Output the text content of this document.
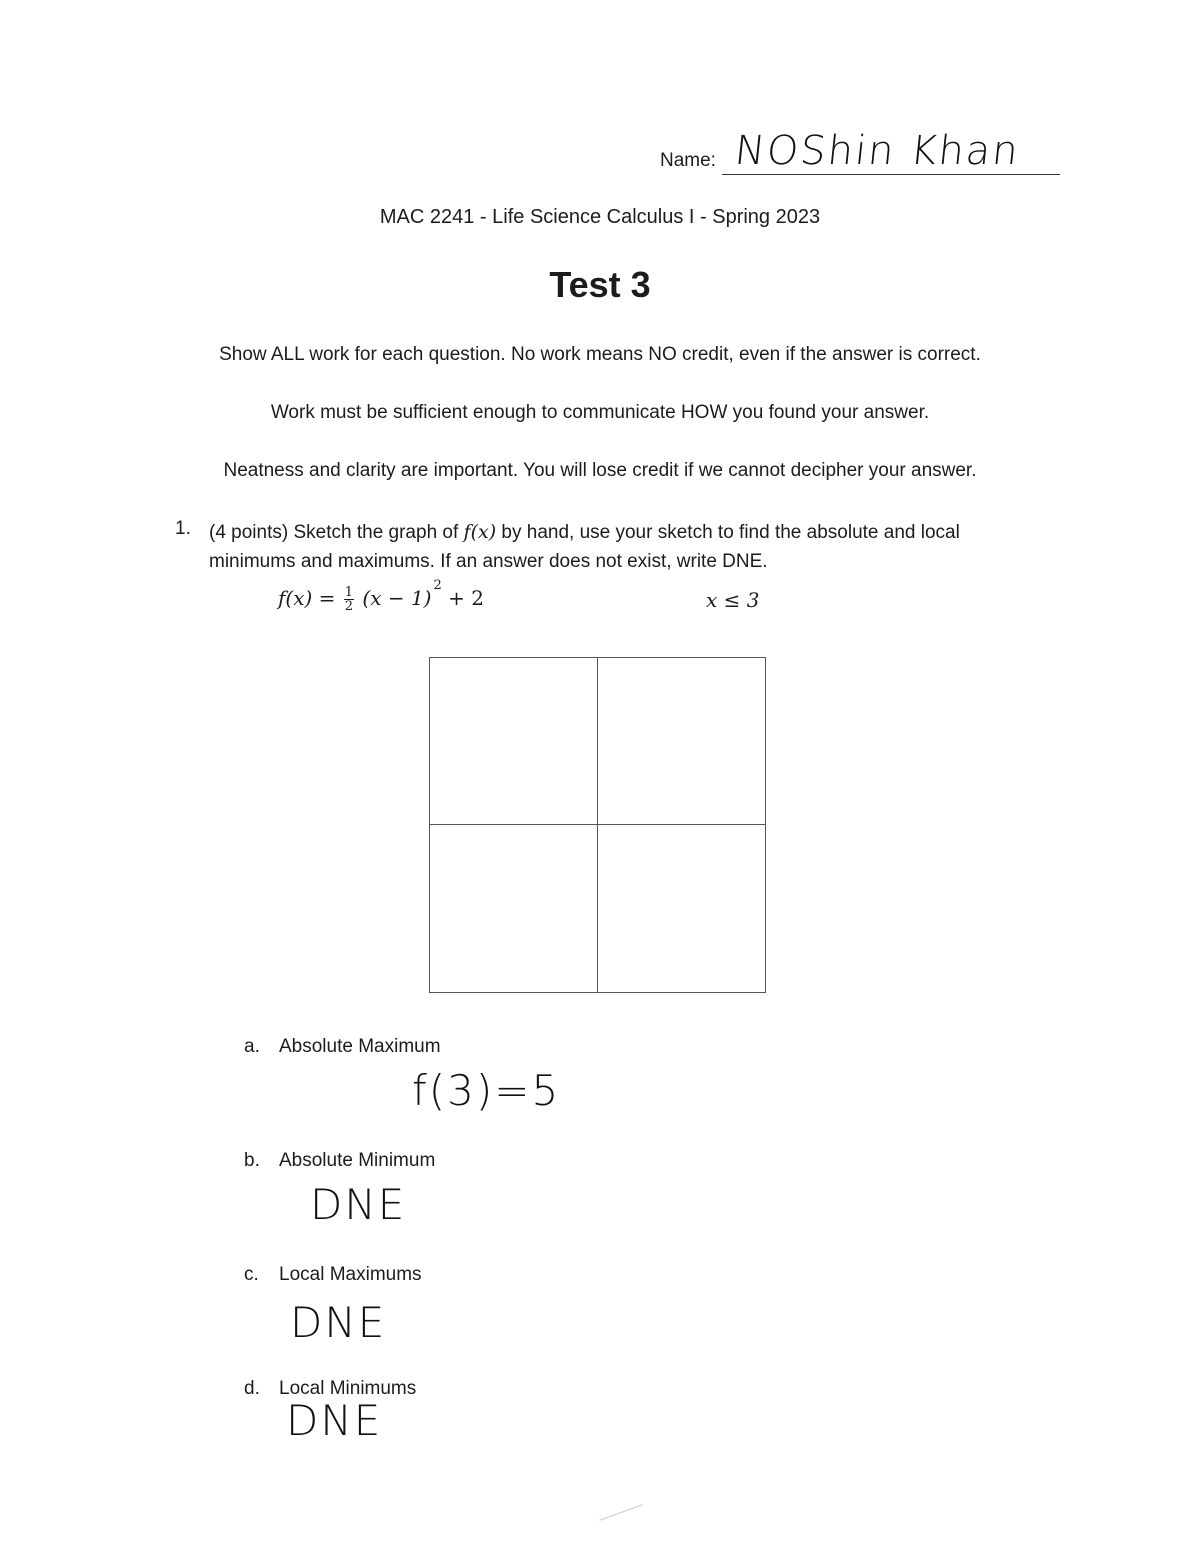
Name: NOShin Khan
MAC 2241 - Life Science Calculus I - Spring 2023
Test 3
Show ALL work for each question. No work means NO credit, even if the answer is correct.
Work must be sufficient enough to communicate HOW you found your answer.
Neatness and clarity are important. You will lose credit if we cannot decipher your answer.
1. (4 points) Sketch the graph of f(x) by hand, use your sketch to find the absolute and local minimums and maximums. If an answer does not exist, write DNE.
$f(x) = \frac{1}{2} (x - 1)^2 + 2$	x ≤ 3
a. Absolute Maximum
f(3)=5
b. Absolute Minimum
DNE
c. Local Maximums
DNE
d. Local Minimums
DNE
